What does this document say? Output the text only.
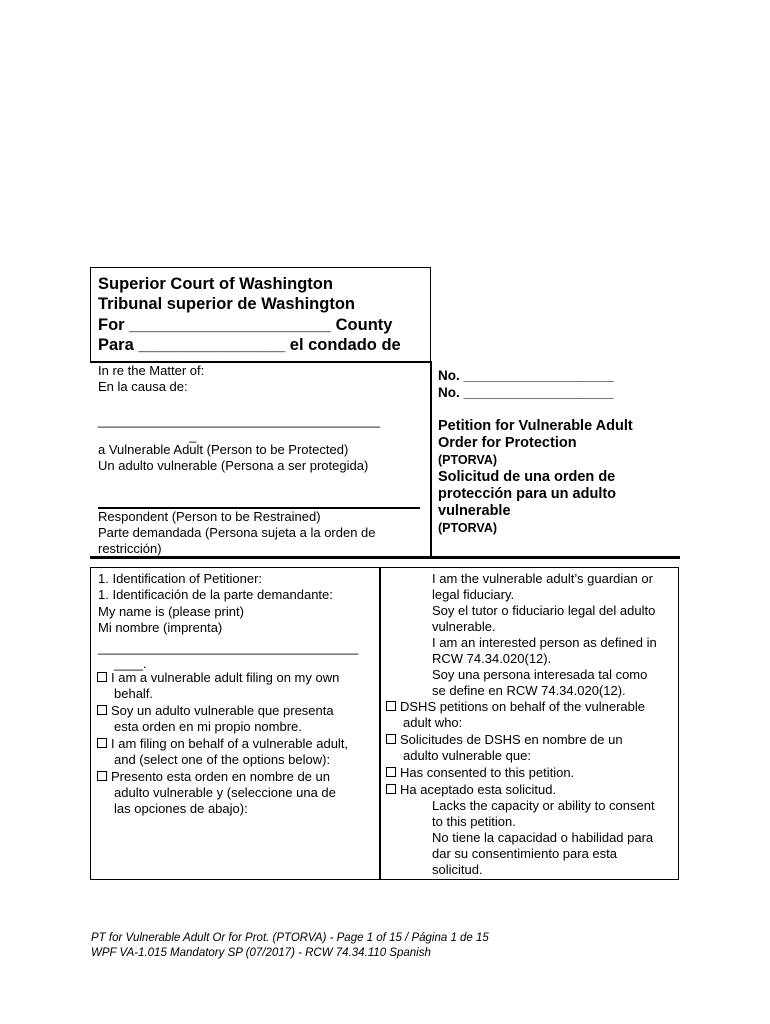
Superior Court of Washington
Tribunal superior de Washington
For ______________________ County
Para ________________ el condado de
In re the Matter of:
En la causa de:
_______________________________________
_
a Vulnerable Adult (Person to be Protected)
Un adulto vulnerable (Persona a ser protegida)
Respondent (Person to be Restrained)
Parte demandada (Persona sujeta a la orden de
restricción)
No. ____________________
No. ____________________
Petition for Vulnerable Adult
Order for Protection
(PTORVA)
Solicitud de una orden de
protección para un adulto
vulnerable
(PTORVA)
1. Identification of Petitioner:
1. Identificación de la parte demandante:
My name is (please print)
Mi nombre (imprenta)
____________________________________
____.
I am a vulnerable adult filing on my own
behalf.
Soy un adulto vulnerable que presenta
esta orden en mi propio nombre.
I am filing on behalf of a vulnerable adult,
and (select one of the options below):
Presento esta orden en nombre de un
adulto vulnerable y (seleccione una de
las opciones de abajo):
I am the vulnerable adult’s guardian or
legal fiduciary.
Soy el tutor o fiduciario legal del adulto
vulnerable.
I am an interested person as defined in
RCW 74.34.020(12).
Soy una persona interesada tal como
se define en RCW 74.34.020(12).
DSHS petitions on behalf of the vulnerable
adult who:
Solicitudes de DSHS en nombre de un
adulto vulnerable que:
Has consented to this petition.
Ha aceptado esta solicitud.
Lacks the capacity or ability to consent
to this petition.
No tiene la capacidad o habilidad para
dar su consentimiento para esta
solicitud.
PT for Vulnerable Adult Or for Prot. (PTORVA) - Page 1 of 15 / Página 1 de 15
WPF VA-1.015 Mandatory SP (07/2017) - RCW 74.34.110 Spanish
